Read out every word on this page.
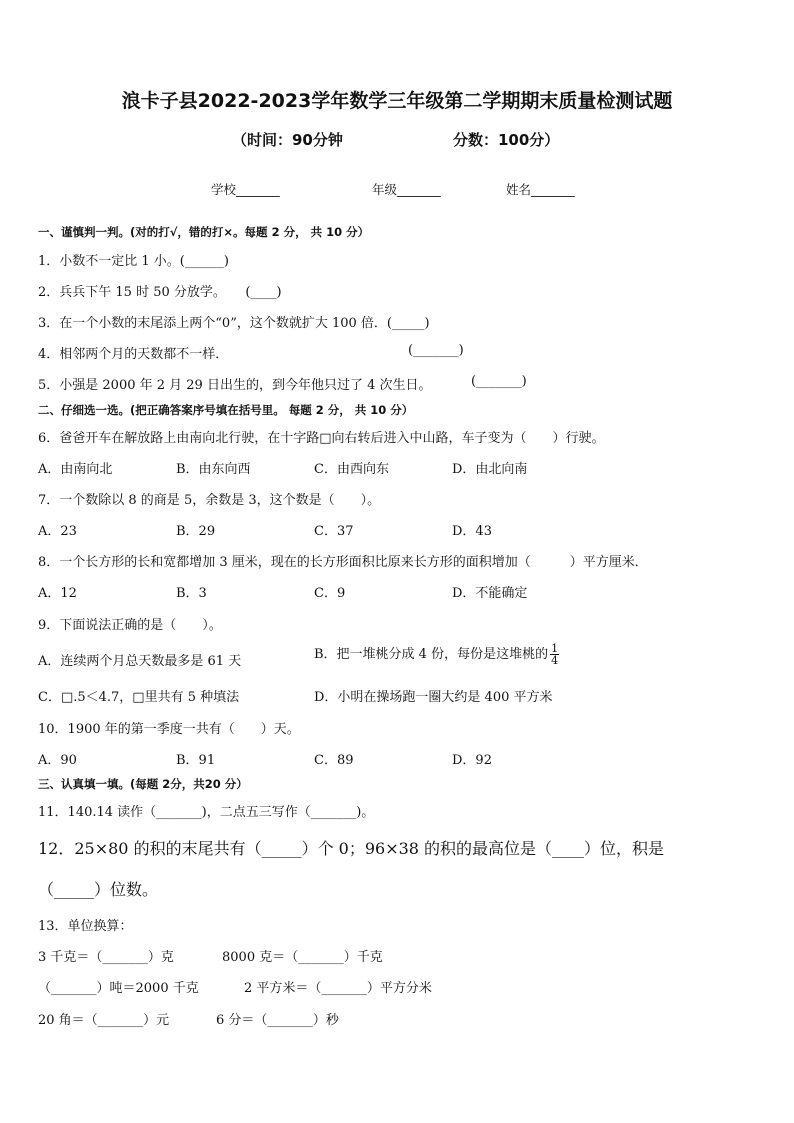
浪卡子县2022-2023学年数学三年级第二学期期末质量检测试题
（时间：90分钟	分数：100分）
学校_______	年级_______	姓名_______
一、谨慎判一判。(对的打√，错的打×。每题 2 分， 共 10 分）
1．小数不一定比 1 小。(______)
2．兵兵下午 15 时 50 分放学。　　(____)
3．在一个小数的末尾添上两个“0”，这个数就扩大 100 倍．(_____)
4．相邻两个月的天数都不一样．	(_______)
5．小强是 2000 年 2 月 29 日出生的，到今年他只过了 4 次生日。	(_______)
二、仔细选一选。(把正确答案序号填在括号里。 每题 2 分， 共 10 分）
6．爸爸开车在解放路上由南向北行驶，在十字路□向右转后进入中山路，车子变为（　　）行驶。
A．由南向北	B．由东向西	C．由西向东	D．由北向南
7．一个数除以 8 的商是 5，余数是 3，这个数是（　　）。
A．23	B．29	C．37	D．43
8．一个长方形的长和宽都增加 3 厘米，现在的长方形面积比原来长方形的面积增加（　　　）平方厘米．
A．12	B．3	C．9	D．不能确定
9．下面说法正确的是（　　）。
A．连续两个月总天数最多是 61 天	B．把一堆桃分成 4 份，每份是这堆桃的 $\frac{1}{4}$
C．□.5＜4.7，□里共有 5 种填法	D．小明在操场跑一圈大约是 400 平方米
10．1900 年的第一季度一共有（　　）天。
A．90	B．91	C．89	D．92
三、认真填一填。(每题 2分，共20 分）
11．140.14 读作（_______)，二点五三写作（_______)。
12．25×80 的积的末尾共有（_____）个 0；96×38 的积的最高位是（____）位，积是
（_____）位数。
13．单位换算：
3 千克＝（_______）克	8000 克＝（_______）千克
（_______）吨＝2000 千克	2 平方米＝（_______）平方分米
20 角＝（_______）元	6 分＝（_______）秒
